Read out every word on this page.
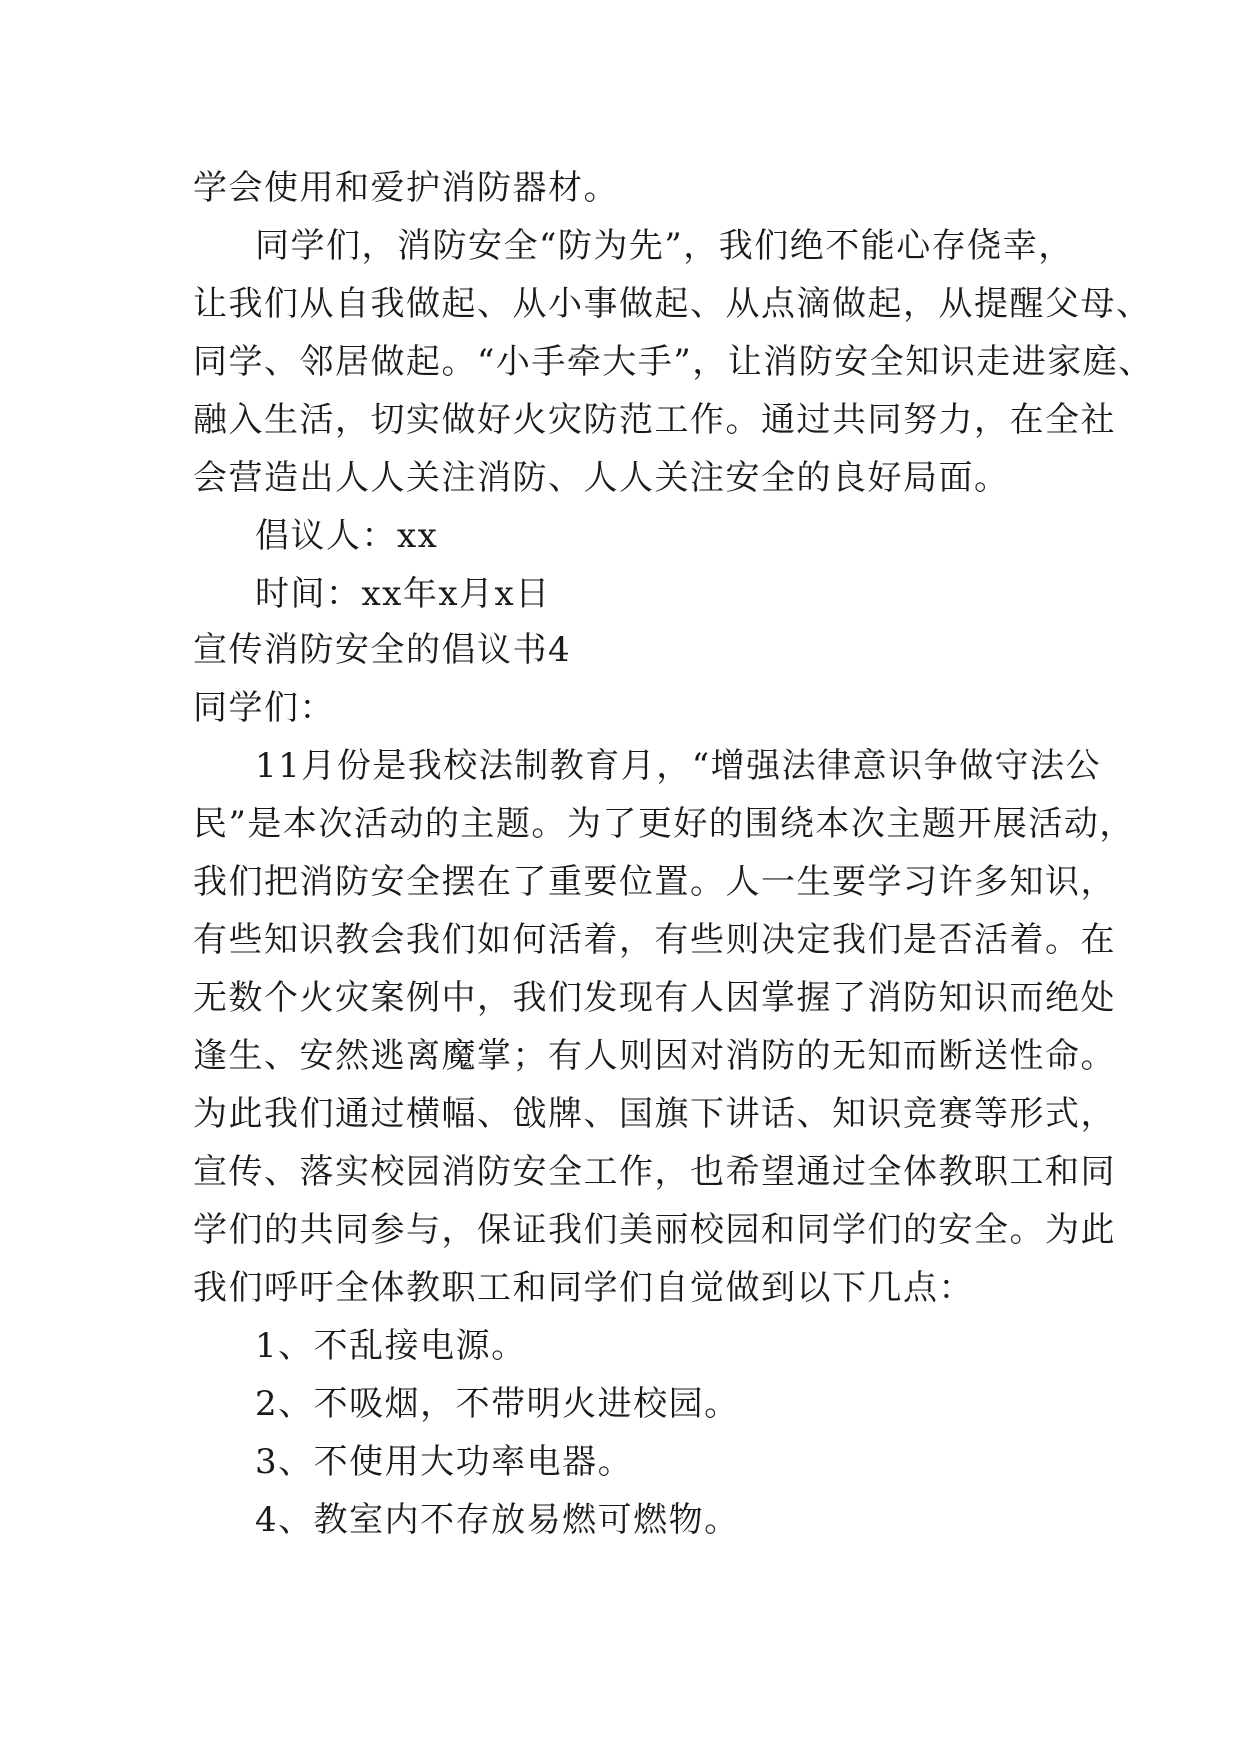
学会使用和爱护消防器材。
同学们，消防安全“防为先”，我们绝不能心存侥幸，
让我们从自我做起、从小事做起、从点滴做起，从提醒父母、
同学、邻居做起。“小手牵大手”，让消防安全知识走进家庭、
融入生活，切实做好火灾防范工作。通过共同努力，在全社
会营造出人人关注消防、人人关注安全的良好局面。
倡议人：xx
时间：xx年x月x日
宣传消防安全的倡议书4
同学们：
11月份是我校法制教育月，“增强法律意识争做守法公
民”是本次活动的主题。为了更好的围绕本次主题开展活动，
我们把消防安全摆在了重要位置。人一生要学习许多知识，
有些知识教会我们如何活着，有些则决定我们是否活着。在
无数个火灾案例中，我们发现有人因掌握了消防知识而绝处
逢生、安然逃离魔掌；有人则因对消防的无知而断送性命。
为此我们通过横幅、戗牌、国旗下讲话、知识竞赛等形式，
宣传、落实校园消防安全工作，也希望通过全体教职工和同
学们的共同参与，保证我们美丽校园和同学们的安全。为此
我们呼吁全体教职工和同学们自觉做到以下几点：
1、不乱接电源。
2、不吸烟，不带明火进校园。
3、不使用大功率电器。
4、教室内不存放易燃可燃物。
